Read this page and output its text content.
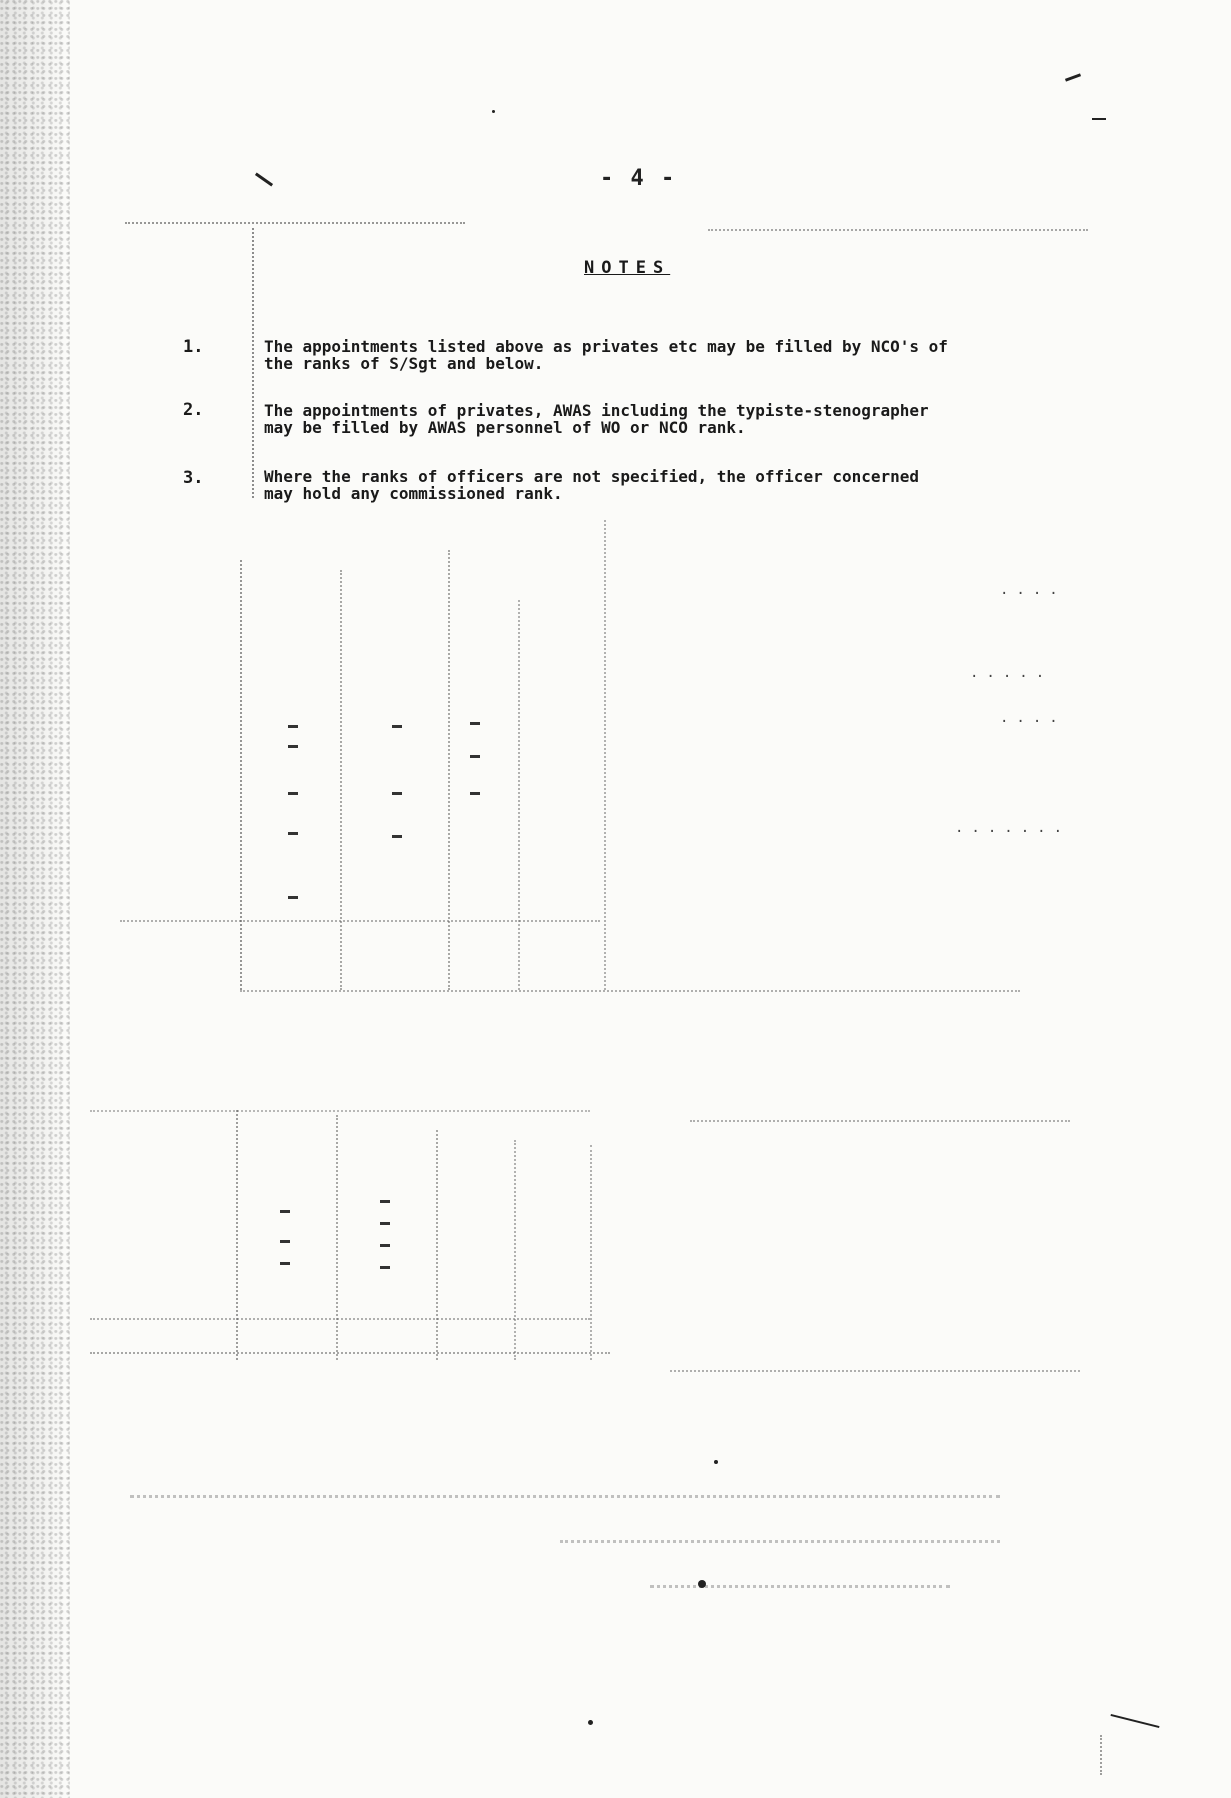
- 4 -
NOTES
1.	The appointments listed above as privates etc may be filled by NCO's of
the ranks of S/Sgt and below.
2.	The appointments of privates, AWAS including the typiste-stenographer
may be filled by AWAS personnel of WO or NCO rank.
3.	Where the ranks of officers are not specified, the officer concerned
may hold any commissioned rank.
....
.....
....
.......
